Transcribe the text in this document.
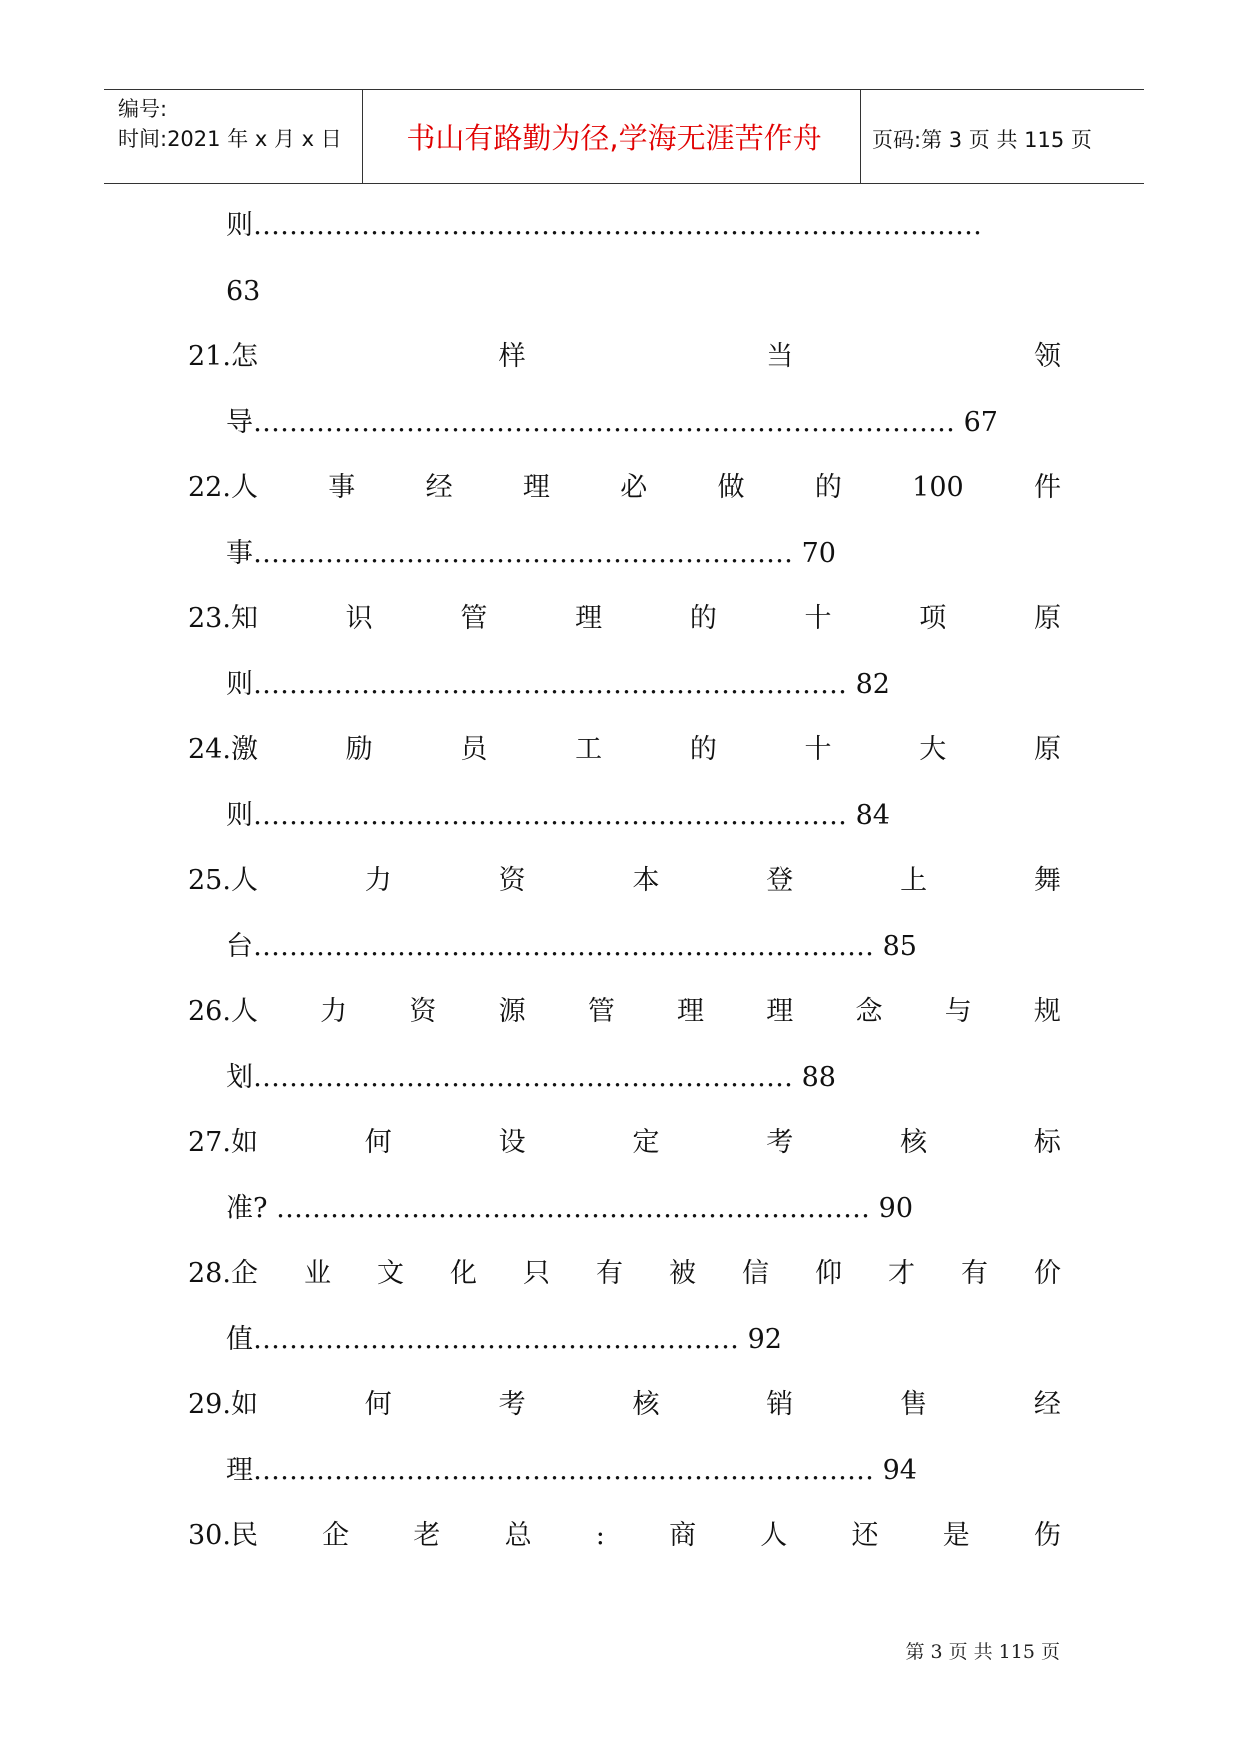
编号:
时间:2021 年 x 月 x 日	书山有路勤为径,学海无涯苦作舟	页码:第 3 页 共 115 页
则………………………………………………………………………
63
21.怎	样	当	领
导…………………………………………………………………… 67
22.人	事	经	理	必	做	的	100	件
事…………………………………………………… 70
23.知	识	管	理	的	十	项	原
则………………………………………………………… 82
24.激	励	员	工	的	十	大	原
则………………………………………………………… 84
25.人	力	资	本	登	上	舞
台…………………………………………………………… 85
26.人 力 资 源 管 理 理 念 与 规
划…………………………………………………… 88
27.如	何	设	定	考	核	标
准? ………………………………………………………… 90
28.企 业 文 化 只 有 被 信 仰 才 有 价
值……………………………………………… 92
29.如	何	考	核	销	售	经
理…………………………………………………………… 94
30.民 企 老 总 : 商 人 还 是 伤
第 3 页 共 115 页
